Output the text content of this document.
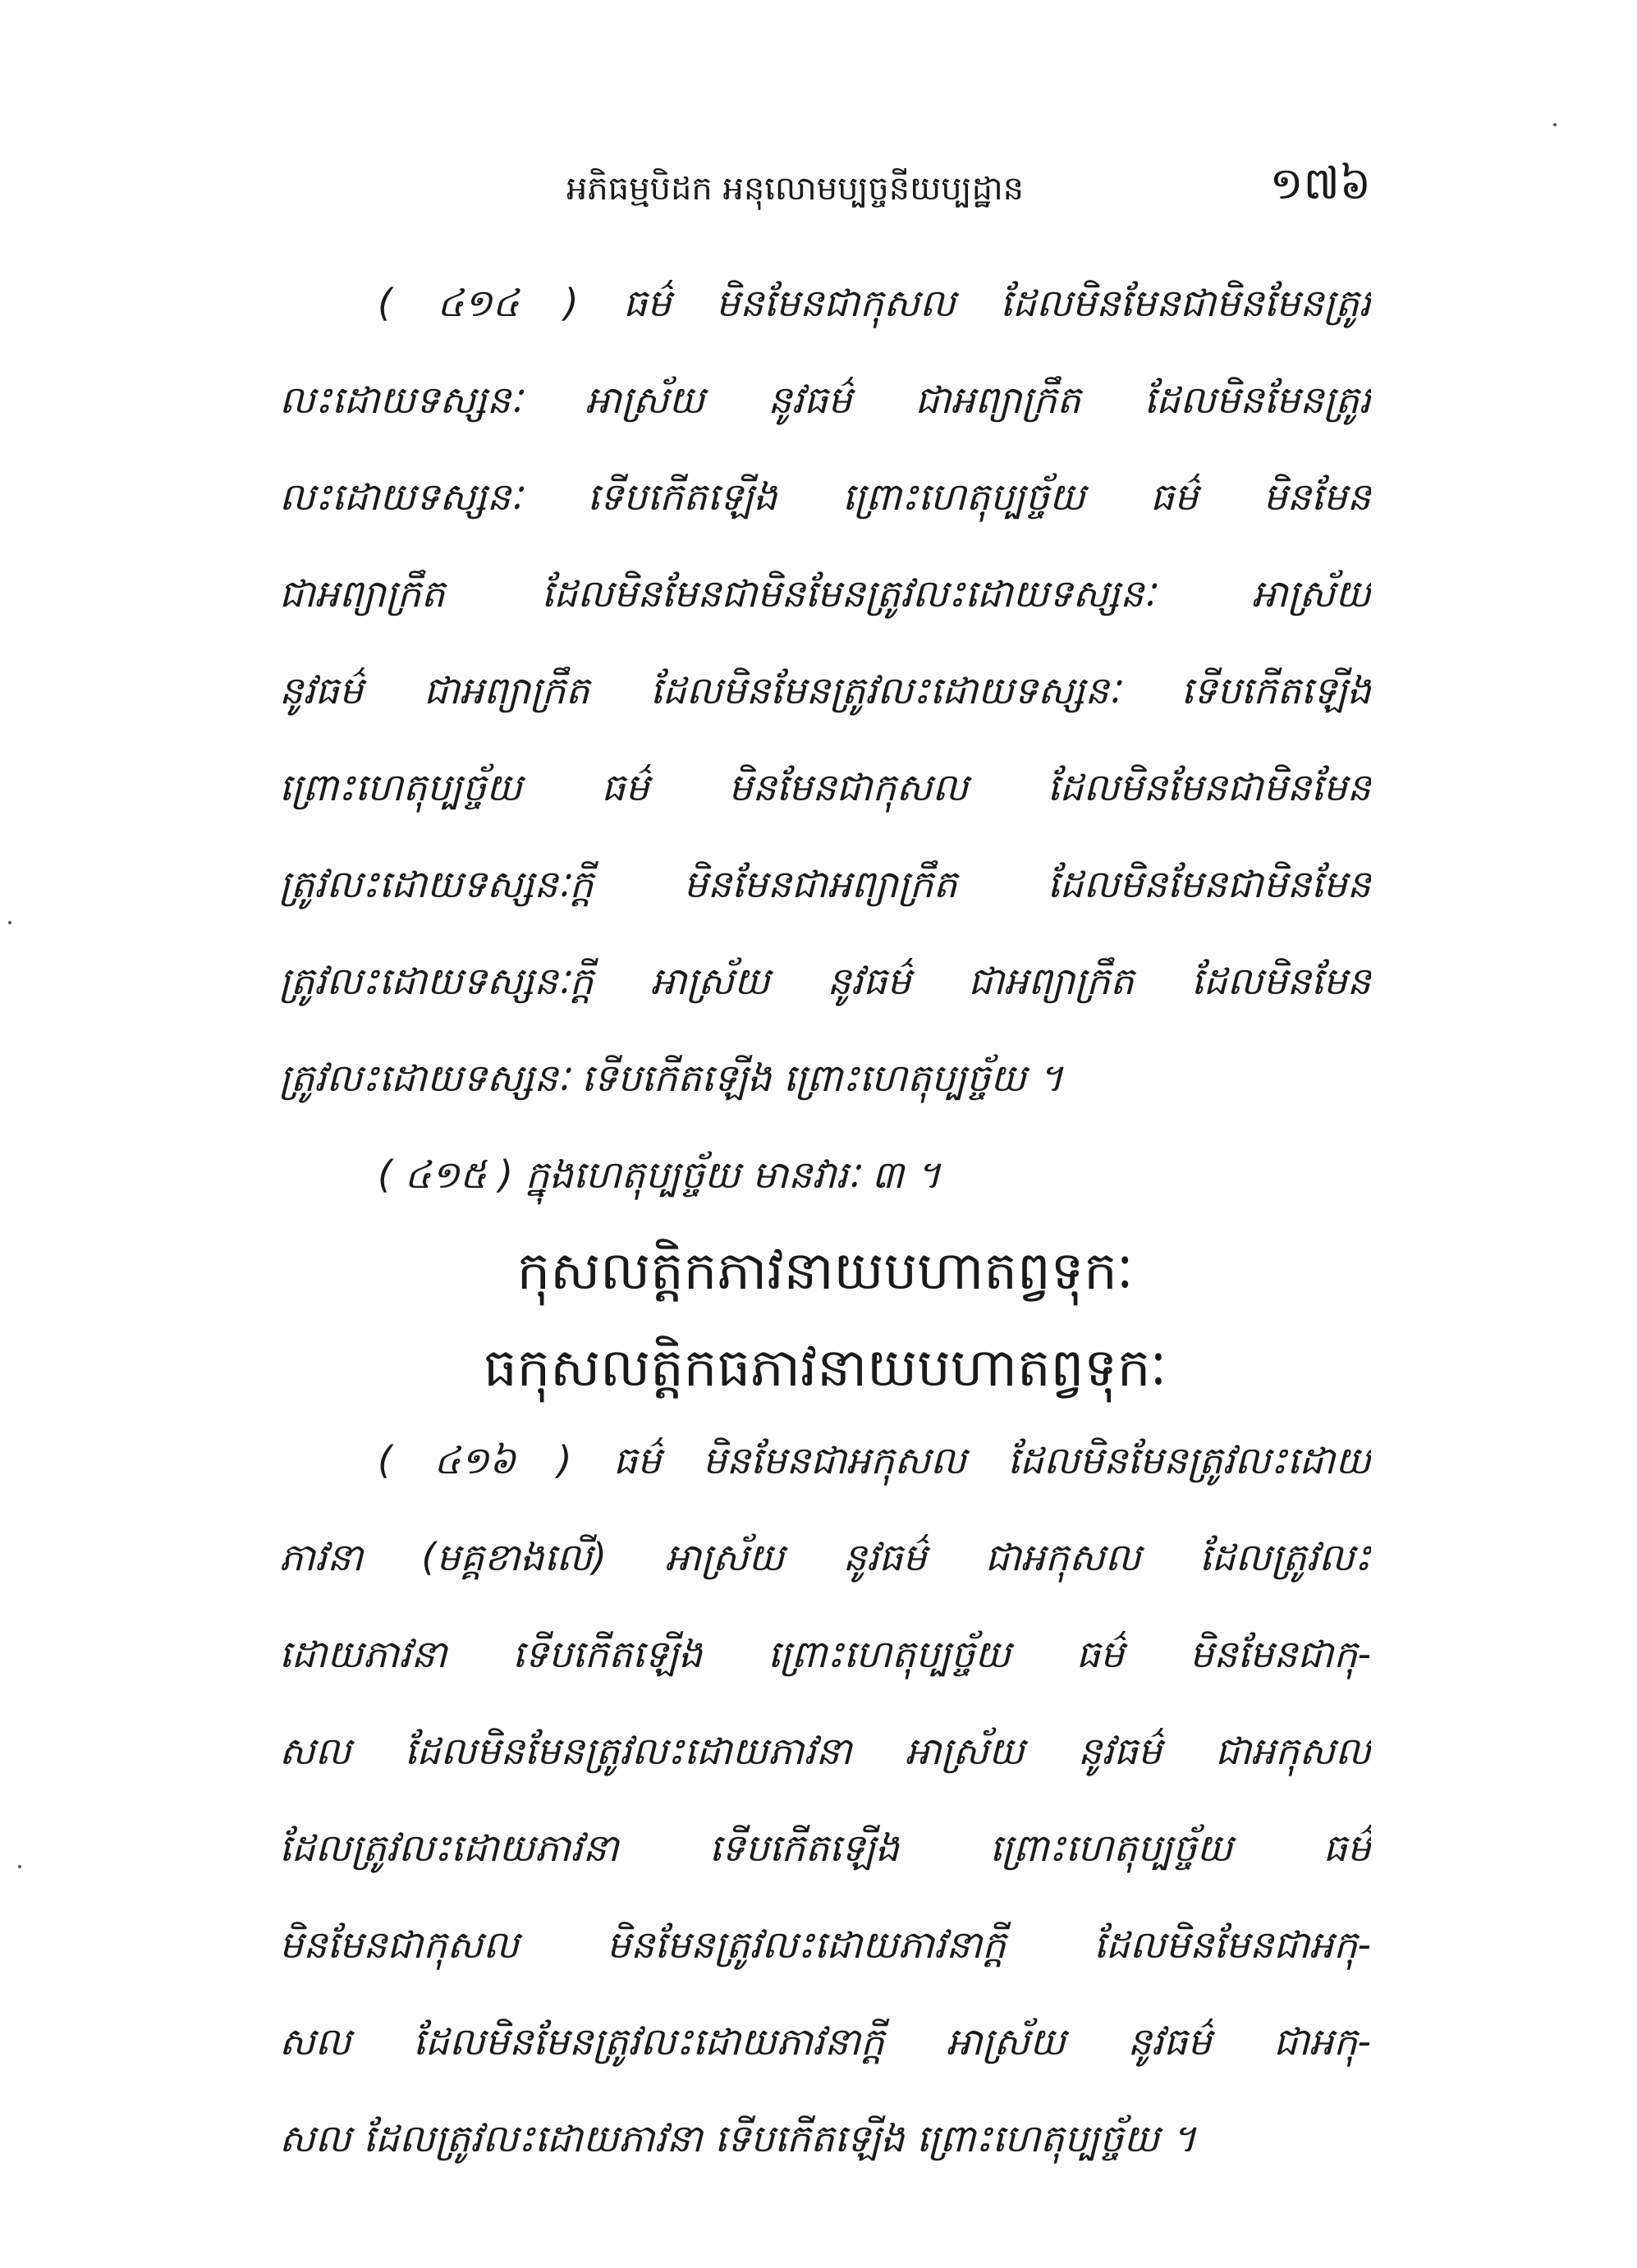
អភិធម្មបិដក អនុលោមប្បច្ចនីយប្បដ្ឋាន	១៧៦
( ៤១៤ ) ធម៌ មិនមែនជាកុសល ដែលមិនមែនជាមិនមែនត្រូវ
លះដោយទស្សនៈ អាស្រ័យ នូវធម៌ ជាអព្យាក្រឹត ដែលមិនមែនត្រូវ
លះដោយទស្សនៈ ទើបកើតឡើង ព្រោះហេតុប្បច្ច័យ ធម៌ មិនមែន
ជាអព្យាក្រឹត ដែលមិនមែនជាមិនមែនត្រូវលះដោយទស្សនៈ អាស្រ័យ
នូវធម៌ ជាអព្យាក្រឹត ដែលមិនមែនត្រូវលះដោយទស្សនៈ ទើបកើតឡើង
ព្រោះហេតុប្បច្ច័យ ធម៌ មិនមែនជាកុសល ដែលមិនមែនជាមិនមែន
ត្រូវលះដោយទស្សនៈក្តី មិនមែនជាអព្យាក្រឹត ដែលមិនមែនជាមិនមែន
ត្រូវលះដោយទស្សនៈក្តី អាស្រ័យ នូវធម៌ ជាអព្យាក្រឹត ដែលមិនមែន
ត្រូវលះដោយទស្សនៈ ទើបកើតឡើង ព្រោះហេតុប្បច្ច័យ ។
( ៤១៥ ) ក្នុងហេតុប្បច្ច័យ មានវារៈ ៣ ។
កុសលត្តិកភាវនាយបហាតព្វទុកៈ
ធកុសលត្តិកធភាវនាយបហាតព្វទុកៈ
( ៤១៦ ) ធម៌ មិនមែនជាអកុសល ដែលមិនមែនត្រូវលះដោយ
ភាវនា (មគ្គខាងលើ) អាស្រ័យ នូវធម៌ ជាអកុសល ដែលត្រូវលះ
ដោយភាវនា ទើបកើតឡើង ព្រោះហេតុប្បច្ច័យ ធម៌ មិនមែនជាកុ-
សល ដែលមិនមែនត្រូវលះដោយភាវនា អាស្រ័យ នូវធម៌ ជាអកុសល
ដែលត្រូវលះដោយភាវនា ទើបកើតឡើង ព្រោះហេតុប្បច្ច័យ ធម៌
មិនមែនជាកុសល មិនមែនត្រូវលះដោយភាវនាក្តី ដែលមិនមែនជាអកុ-
សល ដែលមិនមែនត្រូវលះដោយភាវនាក្តី អាស្រ័យ នូវធម៌ ជាអកុ-
សល ដែលត្រូវលះដោយភាវនា ទើបកើតឡើង ព្រោះហេតុប្បច្ច័យ ។
